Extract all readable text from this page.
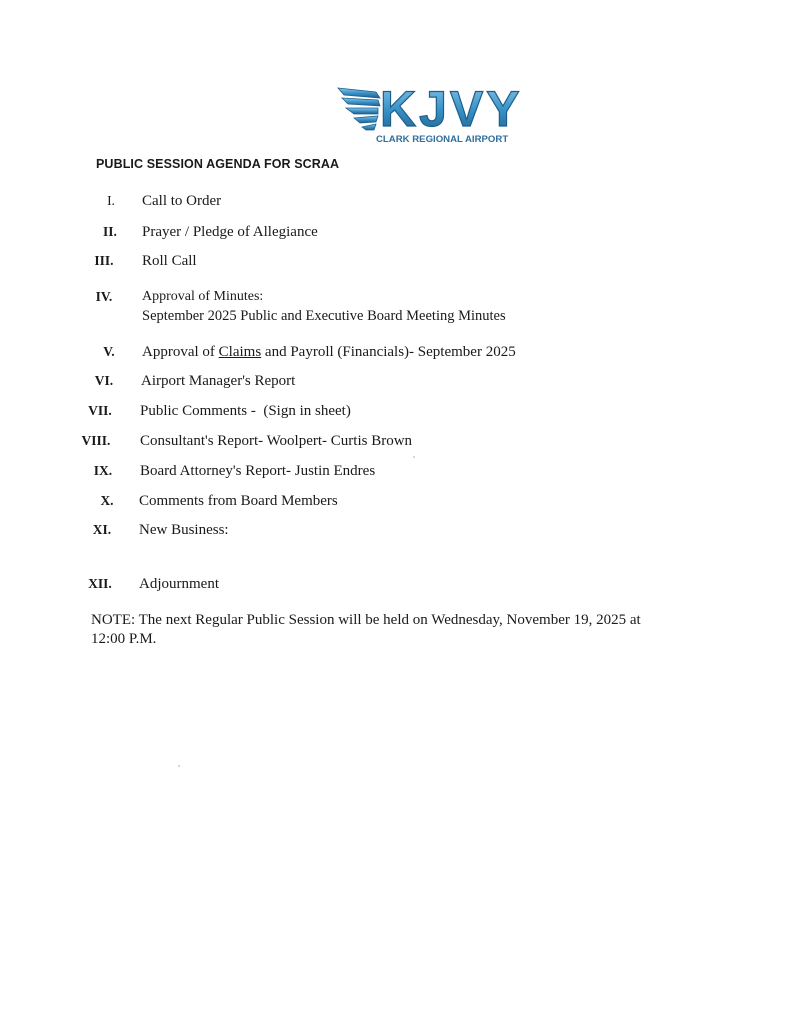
KJVY
CLARK REGIONAL AIRPORT
PUBLIC SESSION AGENDA FOR SCRAA
I.	Call to Order
II.	Prayer / Pledge of Allegiance
III.	Roll Call
IV.	Approval of Minutes:
September 2025 Public and Executive Board Meeting Minutes
V.	Approval of Claims and Payroll (Financials)- September 2025
VI.	Airport Manager's Report
VII.	Public Comments -  (Sign in sheet)
VIII.	Consultant's Report- Woolpert- Curtis Brown
IX.	Board Attorney's Report- Justin Endres
X.	Comments from Board Members
XI.	New Business:
XII.	Adjournment
NOTE: The next Regular Public Session will be held on Wednesday, November 19, 2025 at
12:00 P.M.
